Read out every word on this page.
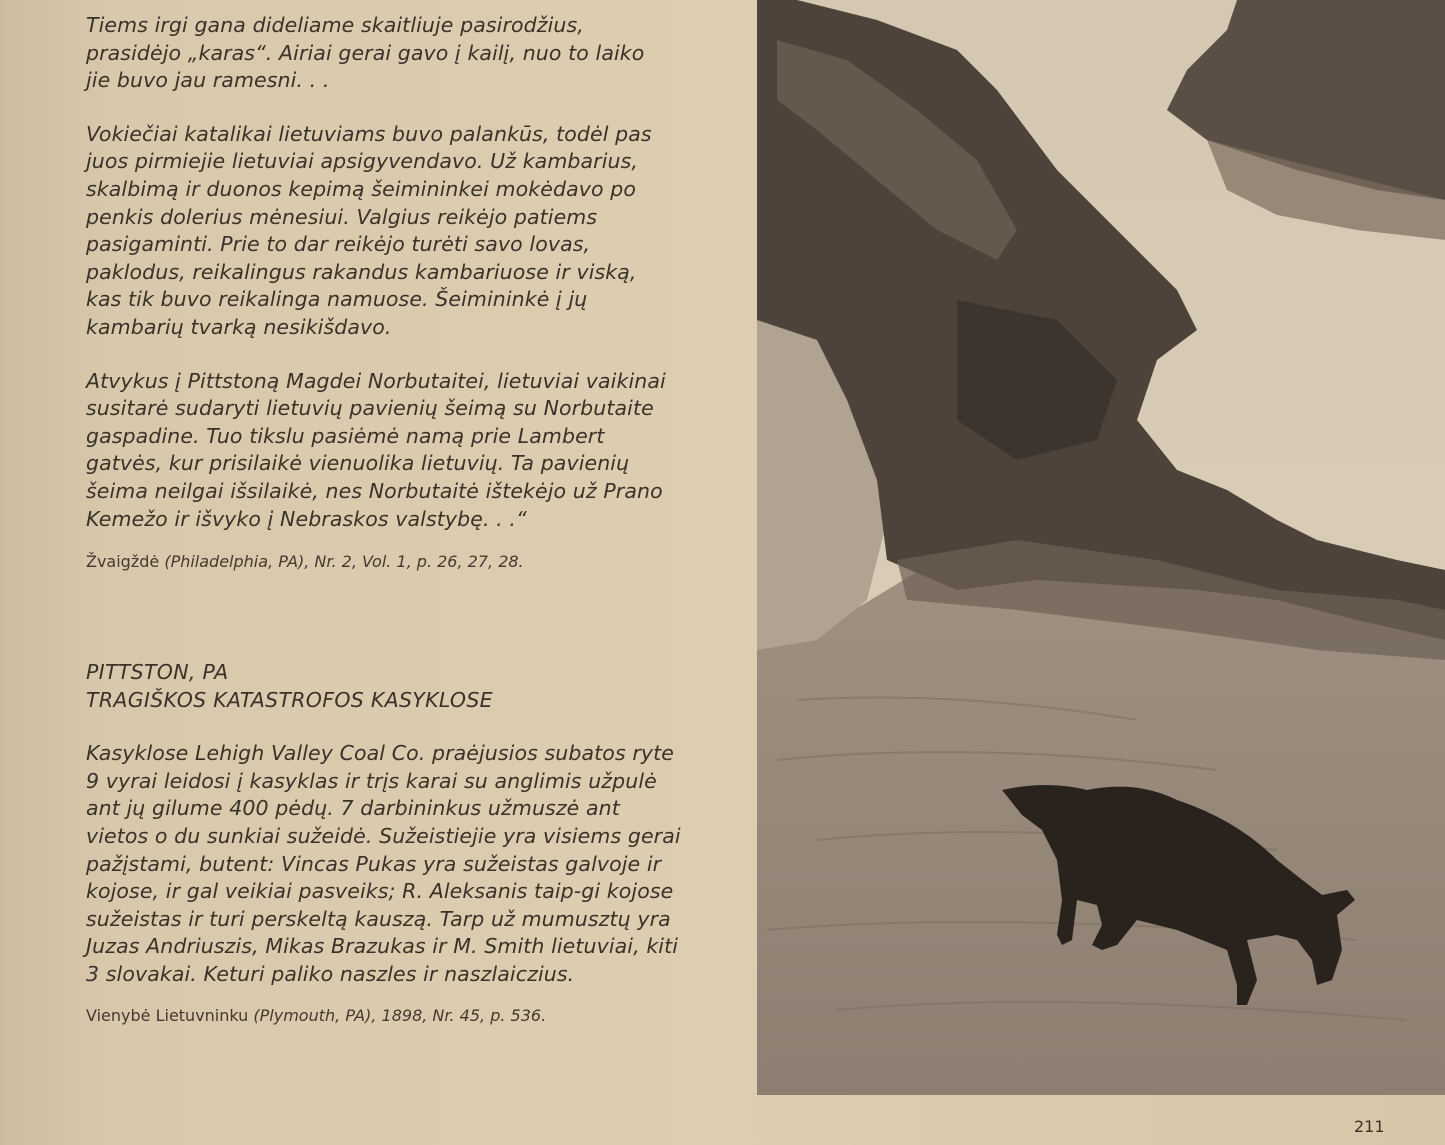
Tiems irgi gana dideliame skaitliuje pasirodžius, prasidėjo „karas“. Airiai gerai gavo į kailį, nuo to laiko jie buvo jau ramesni. . .

Vokiečiai katalikai lietuviams buvo palankūs, todėl pas juos pirmiejie lietuviai apsigyvendavo. Už kambarius, skalbimą ir duonos kepimą šeimininkei mokėdavo po penkis dolerius mėnesiui. Valgius reikėjo patiems pasigaminti. Prie to dar reikėjo turėti savo lovas, paklodus, reikalingus rakandus kambariuose ir viską, kas tik buvo reikalinga namuose. Šeimininkė į jų kambarių tvarką nesikišdavo.

Atvykus į Pittstoną Magdei Norbutaitei, lietuviai vaikinai susitarė sudaryti lietuvių pavienių šeimą su Norbutaite gaspadine. Tuo tikslu pasiėmė namą prie Lambert gatvės, kur prisilaikė vienuolika lietuvių. Ta pavienių šeima neilgai išsilaikė, nes Norbutaitė ištekėjo už Prano Kemežo ir išvyko į Nebraskos valstybę. . .“

Žvaigždė (Philadelphia, PA), Nr. 2, Vol. 1, p. 26, 27, 28.

PITTSTON, PA

TRAGIŠKOS KATASTROFOS KASYKLOSE

Kasyklose Lehigh Valley Coal Co. praėjusios subatos ryte 9 vyrai leidosi į kasyklas ir trįs karai su anglimis užpulė ant jų gilume 400 pėdų. 7 darbininkus užmuszė ant vietos o du sunkiai sužeidė. Sužeistiejie yra visiems gerai pažįstami, butent: Vincas Pukas yra sužeistas galvoje ir kojose, ir gal veikiai pasveiks; R. Aleksanis taip-gi kojose sužeistas ir turi perskeltą kauszą. Tarp už mumusztų yra Juzas Andriuszis, Mikas Brazukas ir M. Smith lietuviai, kiti 3 slovakai. Keturi paliko naszles ir naszlaiczius.

Vienybė Lietuvninku (Plymouth, PA), 1898, Nr. 45, p. 536.

211
